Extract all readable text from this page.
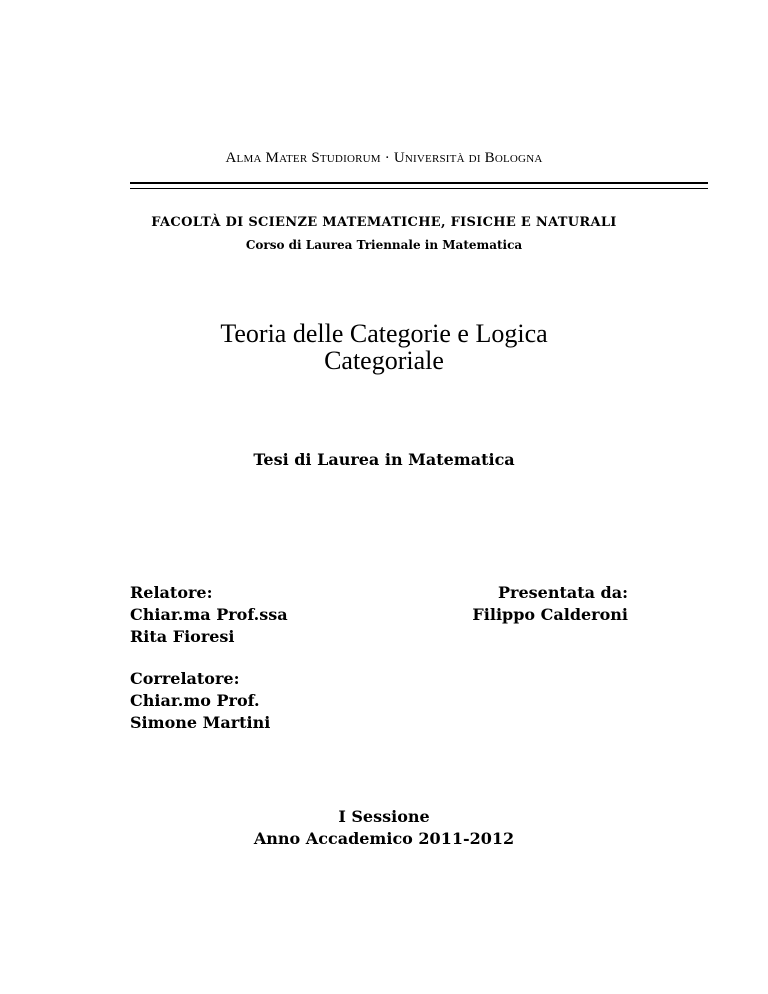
Alma Mater Studiorum · Università di Bologna
FACOLTÀ DI SCIENZE MATEMATICHE, FISICHE E NATURALI
Corso di Laurea Triennale in Matematica
Teoria delle Categorie e Logica
Categoriale
Tesi di Laurea in Matematica
Relatore:
Chiar.ma Prof.ssa
Rita Fioresi
Presentata da:
Filippo Calderoni
Correlatore:
Chiar.mo Prof.
Simone Martini
I Sessione
Anno Accademico 2011-2012
